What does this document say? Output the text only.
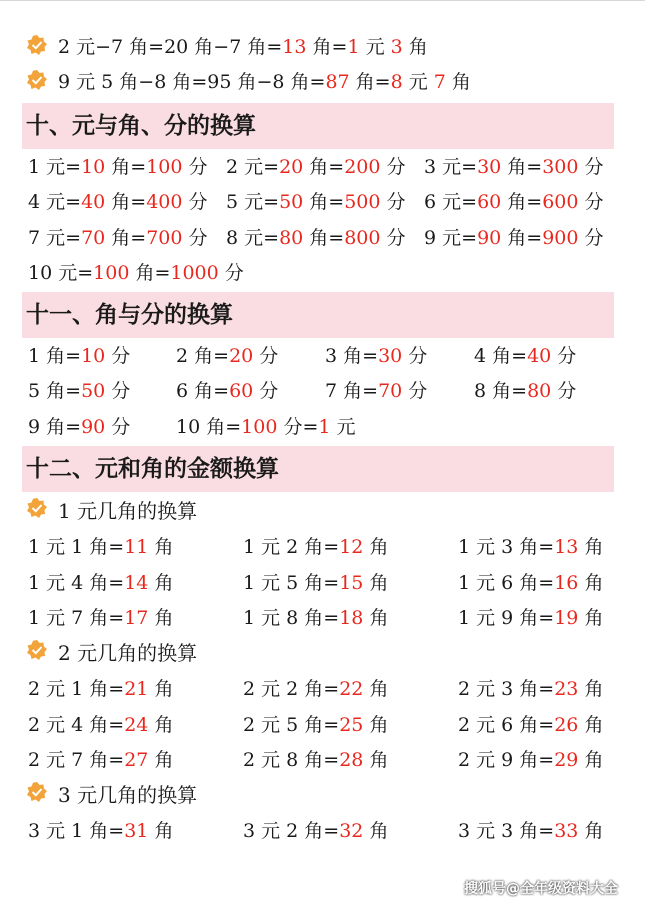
2 元−7 角=20 角−7 角=13 角=1 元 3 角
9 元 5 角−8 角=95 角−8 角=87 角=8 元 7 角
十、元与角、分的换算
1 元=10 角=100 分 2 元=20 角=200 分 3 元=30 角=300 分
4 元=40 角=400 分 5 元=50 角=500 分 6 元=60 角=600 分
7 元=70 角=700 分 8 元=80 角=800 分 9 元=90 角=900 分
10 元=100 角=1000 分
十一、角与分的换算
1 角=10 分 2 角=20 分 3 角=30 分 4 角=40 分
5 角=50 分 6 角=60 分 7 角=70 分 8 角=80 分
9 角=90 分 10 角=100 分=1 元
十二、元和角的金额换算
1 元几角的换算
1 元 1 角=11 角	1 元 2 角=12 角	1 元 3 角=13 角
1 元 4 角=14 角	1 元 5 角=15 角	1 元 6 角=16 角
1 元 7 角=17 角	1 元 8 角=18 角	1 元 9 角=19 角
2 元几角的换算
2 元 1 角=21 角	2 元 2 角=22 角	2 元 3 角=23 角
2 元 4 角=24 角	2 元 5 角=25 角	2 元 6 角=26 角
2 元 7 角=27 角	2 元 8 角=28 角	2 元 9 角=29 角
3 元几角的换算
3 元 1 角=31 角	3 元 2 角=32 角	3 元 3 角=33 角
搜狐号@全年级资料大全
